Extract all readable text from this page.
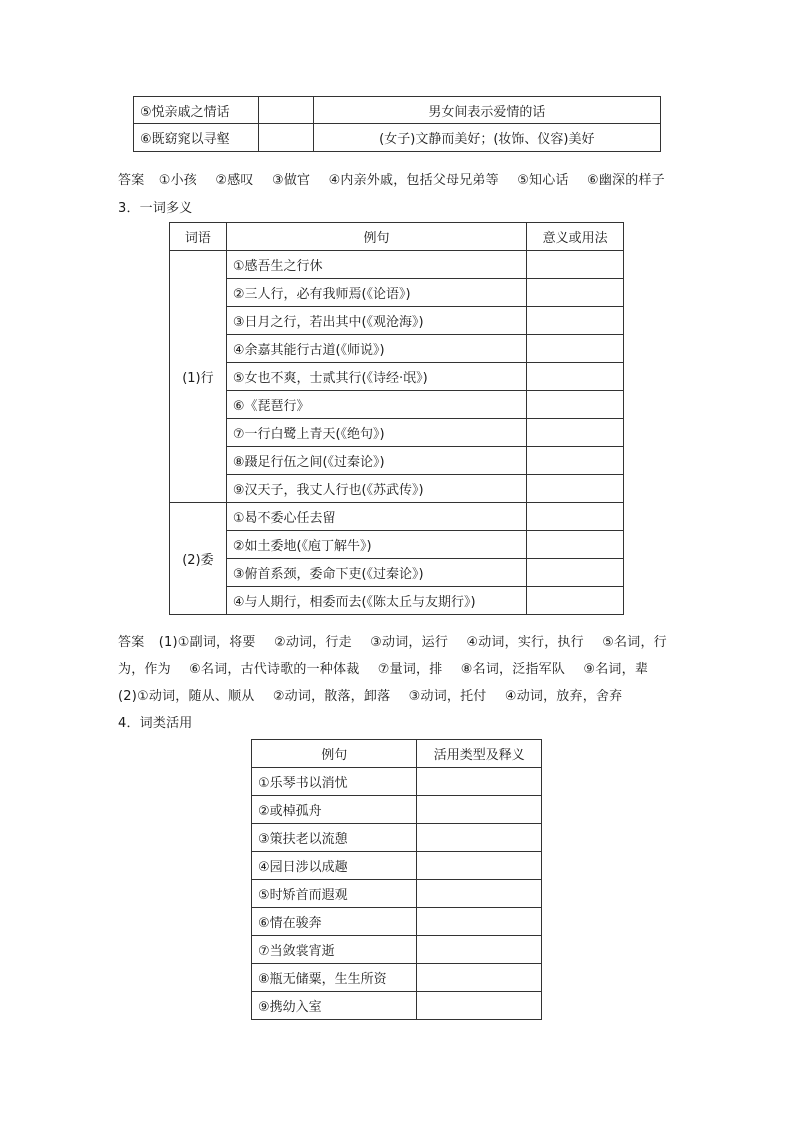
⑤悦亲戚之情话		男女间表示爱情的话
⑥既窈窕以寻壑		(女子)文静而美好；(妆饰、仪容)美好
答案 ①小孩 ②感叹 ③做官 ④内亲外戚，包括父母兄弟等 ⑤知心话 ⑥幽深的样子
3．一词多义
词语	例句	意义或用法
(1)行	①感吾生之行休	
	②三人行，必有我师焉(《论语》)	
	③日月之行，若出其中(《观沧海》)	
	④余嘉其能行古道(《师说》)	
	⑤女也不爽，士贰其行(《诗经·氓》)	
	⑥《琵琶行》	
	⑦一行白鹭上青天(《绝句》)	
	⑧蹑足行伍之间(《过秦论》)	
	⑨汉天子，我丈人行也(《苏武传》)	
(2)委	①曷不委心任去留	
	②如土委地(《庖丁解牛》)	
	③俯首系颈，委命下吏(《过秦论》)	
	④与人期行，相委而去(《陈太丘与友期行》)	
答案 (1)①副词，将要 ②动词，行走 ③动词，运行 ④动词，实行，执行 ⑤名词，行
为，作为 ⑥名词，古代诗歌的一种体裁 ⑦量词，排 ⑧名词，泛指军队 ⑨名词，辈
(2)①动词，随从、顺从 ②动词，散落，卸落 ③动词，托付 ④动词，放弃，舍弃
4．词类活用
例句	活用类型及释义
①乐琴书以消忧	
②或棹孤舟	
③策扶老以流憩	
④园日涉以成趣	
⑤时矫首而遐观	
⑥情在骏奔	
⑦当敛裳宵逝	
⑧瓶无储粟，生生所资	
⑨携幼入室	
